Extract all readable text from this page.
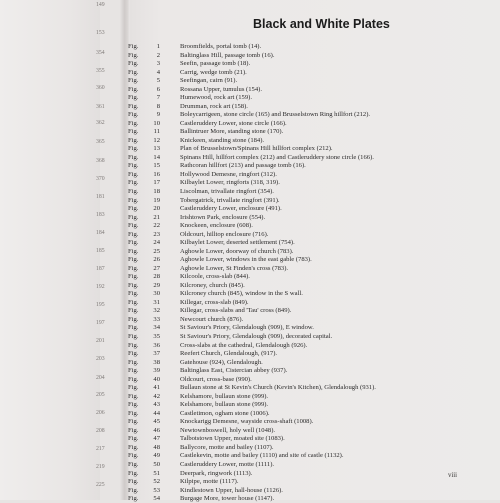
149
153
354
355
360
361
362
365
368
370
181
183
184
185
187
192
195
197
201
203
204
205
206
208
217
219
225
Black and White Plates
Fig.	1	Broomfields, portal tomb (14).
Fig.	2	Baltinglass Hill, passage tomb (16).
Fig.	3	Seefin, passage tomb (18).
Fig.	4	Carrig, wedge tomb (21).
Fig.	5	Seefingan, cairn (91).
Fig.	6	Rossana Upper, tumulus (154).
Fig.	7	Humewood, rock art (159).
Fig.	8	Drumman, rock art (158).
Fig.	9	Boleycarrigeen, stone circle (165) and Brusselstown Ring hillfort (212).
Fig. 10	Castleruddery Lower, stone circle (166).
Fig. 11	Ballintruer More, standing stone (170).
Fig. 12	Knickeen, standing stone (184).
Fig. 13	Plan of Brusselstown/Spinans Hill hillfort complex (212).
Fig. 14	Spinans Hill, hillfort complex (212) and Castleruddery stone circle (166).
Fig. 15	Rathcoran hillfort (213) and passage tomb (16).
Fig. 16	Hollywood Demesne, ringfort (312).
Fig. 17	Kilbaylet Lower, ringforts (318, 319).
Fig. 18	Liscolman, trivallate ringfort (354).
Fig. 19	Tobergatrick, trivallate ringfort (391).
Fig. 20	Castleruddery Lower, enclosure (491).
Fig. 21	Irishtown Park, enclosure (554).
Fig. 22	Knockeen, enclosure (608).
Fig. 23	Oldcourt, hilltop enclosure (716).
Fig. 24	Kilbaylet Lower, deserted settlement (754).
Fig. 25	Aghowle Lower, doorway of church (783).
Fig. 26	Aghowle Lower, windows in the east gable (783).
Fig. 27	Aghowle Lower, St Finden's cross (783).
Fig. 28	Kilcoole, cross-slab (844).
Fig. 29	Kilcroney, church (845).
Fig. 30	Kilcroney church (845), window in the S wall.
Fig. 31	Killegar, cross-slab (849).
Fig. 32	Killegar, cross-slabs and 'Tau' cross (849).
Fig. 33	Newcourt church (876).
Fig. 34	St Saviour's Priory, Glendalough (909), E window.
Fig. 35	St Saviour's Priory, Glendalough (909), decorated capital.
Fig. 36	Cross-slabs at the cathedral, Glendalough (926).
Fig. 37	Reefert Church, Glendalough, (917).
Fig. 38	Gatehouse (924), Glendalough.
Fig. 39	Baltinglass East, Cistercian abbey (937).
Fig. 40	Oldcourt, cross-base (990).
Fig. 41	Bullaun stone at St Kevin's Church (Kevin's Kitchen), Glendalough (931).
Fig. 42	Kelshamore, bullaun stone (999).
Fig. 43	Kelshamore, bullaun stone (999).
Fig. 44	Castletimon, ogham stone (1006).
Fig. 45	Knockarigg Demesne, wayside cross-shaft (1008).
Fig. 46	Newtownboswell, holy well (1048).
Fig. 47	Talbotstown Upper, moated site (1083).
Fig. 48	Ballycore, motte and bailey (1107).
Fig. 49	Castlekevin, motte and bailey (1110) and site of castle (1132).
Fig. 50	Castleruddery Lower, motte (1111).
Fig. 51	Deerpark, ringwork (1113).
Fig. 52	Kilpipe, motte (1117).
Fig. 53	Kindlestown Upper, hall-house (1126).
Fig. 54	Burgage More, tower house (1147).
viii
